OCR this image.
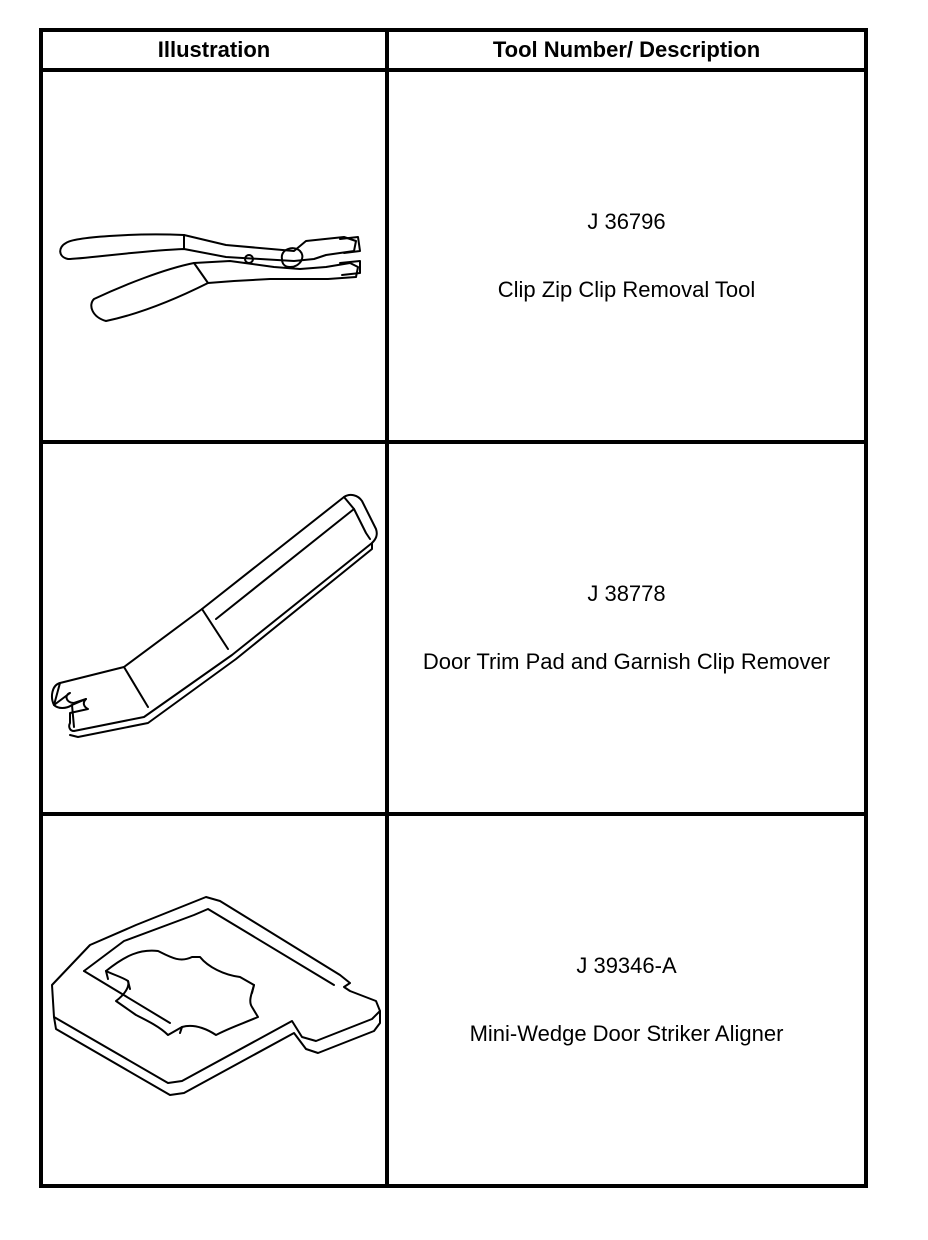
Illustration	Tool Number/ Description

J 36796
Clip Zip Clip Removal Tool

J 38778
Door Trim Pad and Garnish Clip Remover

J 39346-A
Mini-Wedge Door Striker Aligner
